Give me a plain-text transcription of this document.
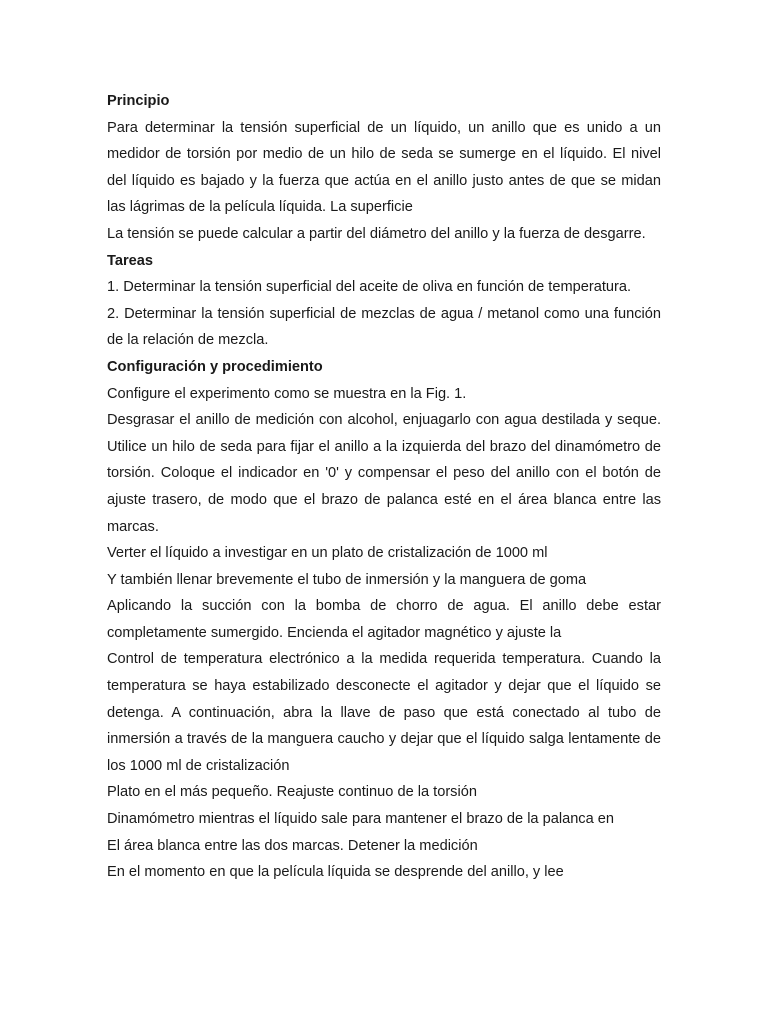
Principio

Para determinar la tensión superficial de un líquido, un anillo que es unido a un medidor de torsión por medio de un hilo de seda se sumerge en el líquido. El nivel del líquido es bajado y la fuerza que actúa en el anillo justo antes de que se midan las lágrimas de la película líquida. La superficie

La tensión se puede calcular a partir del diámetro del anillo y la fuerza de desgarre.

Tareas

1. Determinar la tensión superficial del aceite de oliva en función de temperatura.

2. Determinar la tensión superficial de mezclas de agua / metanol como una función de la relación de mezcla.

Configuración y procedimiento

Configure el experimento como se muestra en la Fig. 1.

Desgrasar el anillo de medición con alcohol, enjuagarlo con agua destilada y seque. Utilice un hilo de seda para fijar el anillo a la izquierda del brazo del dinamómetro de torsión. Coloque el indicador en '0' y compensar el peso del anillo con el botón de ajuste trasero, de modo que el brazo de palanca esté en el área blanca entre las marcas.

Verter el líquido a investigar en un plato de cristalización de 1000 ml

Y también llenar brevemente el tubo de inmersión y la manguera de goma

Aplicando la succión con la bomba de chorro de agua. El anillo debe estar completamente sumergido. Encienda el agitador magnético y ajuste la

Control de temperatura electrónico a la medida requerida temperatura. Cuando la temperatura se haya estabilizado desconecte el agitador y dejar que el líquido se detenga. A continuación, abra la llave de paso que está conectado al tubo de inmersión a través de la manguera caucho y dejar que el líquido salga lentamente de los 1000 ml de cristalización

Plato en el más pequeño. Reajuste continuo de la torsión

Dinamómetro mientras el líquido sale para mantener el brazo de la palanca en

El área blanca entre las dos marcas. Detener la medición

En el momento en que la película líquida se desprende del anillo, y lee
